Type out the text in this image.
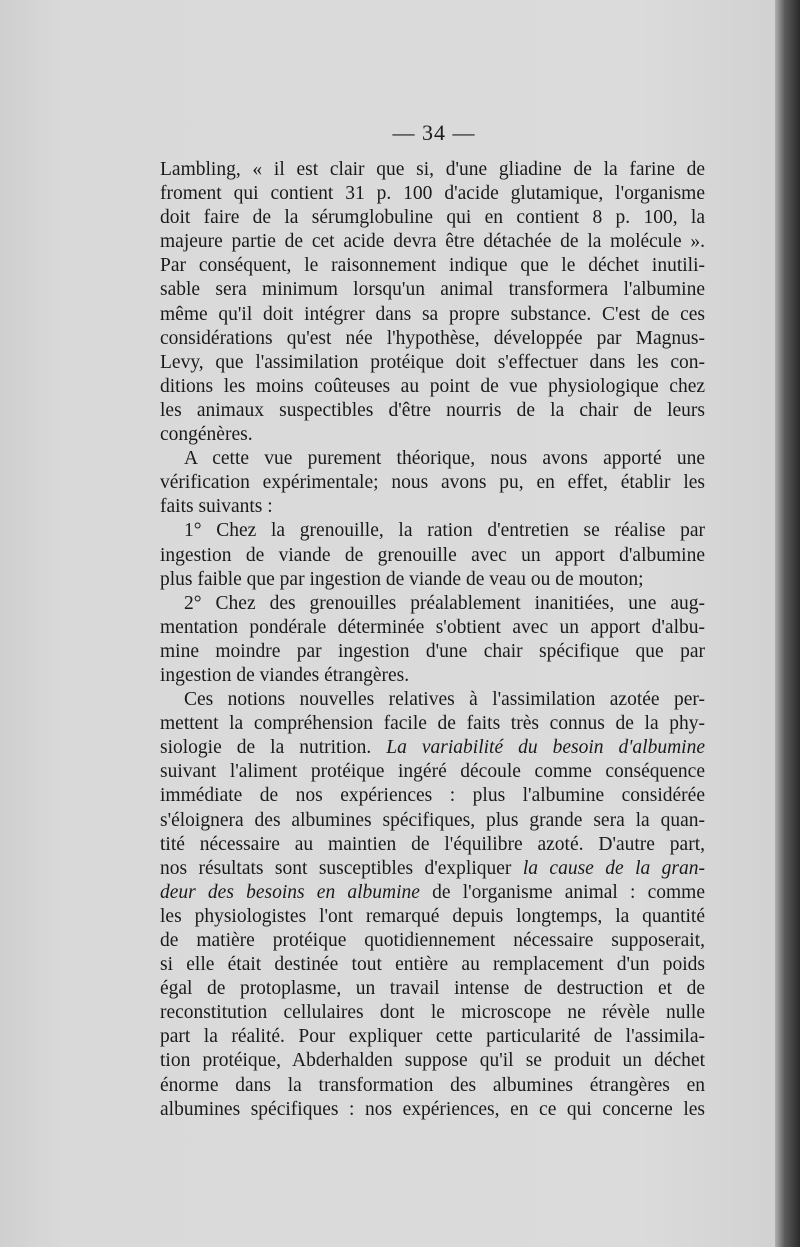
— 34 —

Lambling, « il est clair que si, d'une gliadine de la farine de

froment qui contient 31 p. 100 d'acide glutamique, l'organisme

doit faire de la sérumglobuline qui en contient 8 p. 100, la

majeure partie de cet acide devra être détachée de la molécule ».

Par conséquent, le raisonnement indique que le déchet inutili-

sable sera minimum lorsqu'un animal transformera l'albumine

même qu'il doit intégrer dans sa propre substance. C'est de ces

considérations qu'est née l'hypothèse, développée par Magnus-

Levy, que l'assimilation protéique doit s'effectuer dans les con-

ditions les moins coûteuses au point de vue physiologique chez

les animaux suspectibles d'être nourris de la chair de leurs

congénères.

A cette vue purement théorique, nous avons apporté une

vérification expérimentale; nous avons pu, en effet, établir les

faits suivants :

1° Chez la grenouille, la ration d'entretien se réalise par

ingestion de viande de grenouille avec un apport d'albumine

plus faible que par ingestion de viande de veau ou de mouton;

2° Chez des grenouilles préalablement inanitiées, une aug-

mentation pondérale déterminée s'obtient avec un apport d'albu-

mine moindre par ingestion d'une chair spécifique que par

ingestion de viandes étrangères.

Ces notions nouvelles relatives à l'assimilation azotée per-

mettent la compréhension facile de faits très connus de la phy-

siologie de la nutrition. La variabilité du besoin d'albumine

suivant l'aliment protéique ingéré découle comme conséquence

immédiate de nos expériences : plus l'albumine considérée

s'éloignera des albumines spécifiques, plus grande sera la quan-

tité nécessaire au maintien de l'équilibre azoté. D'autre part,

nos résultats sont susceptibles d'expliquer la cause de la gran-

deur des besoins en albumine de l'organisme animal : comme

les physiologistes l'ont remarqué depuis longtemps, la quantité

de matière protéique quotidiennement nécessaire supposerait,

si elle était destinée tout entière au remplacement d'un poids

égal de protoplasme, un travail intense de destruction et de

reconstitution cellulaires dont le microscope ne révèle nulle

part la réalité. Pour expliquer cette particularité de l'assimila-

tion protéique, Abderhalden suppose qu'il se produit un déchet

énorme dans la transformation des albumines étrangères en

albumines spécifiques : nos expériences, en ce qui concerne les
